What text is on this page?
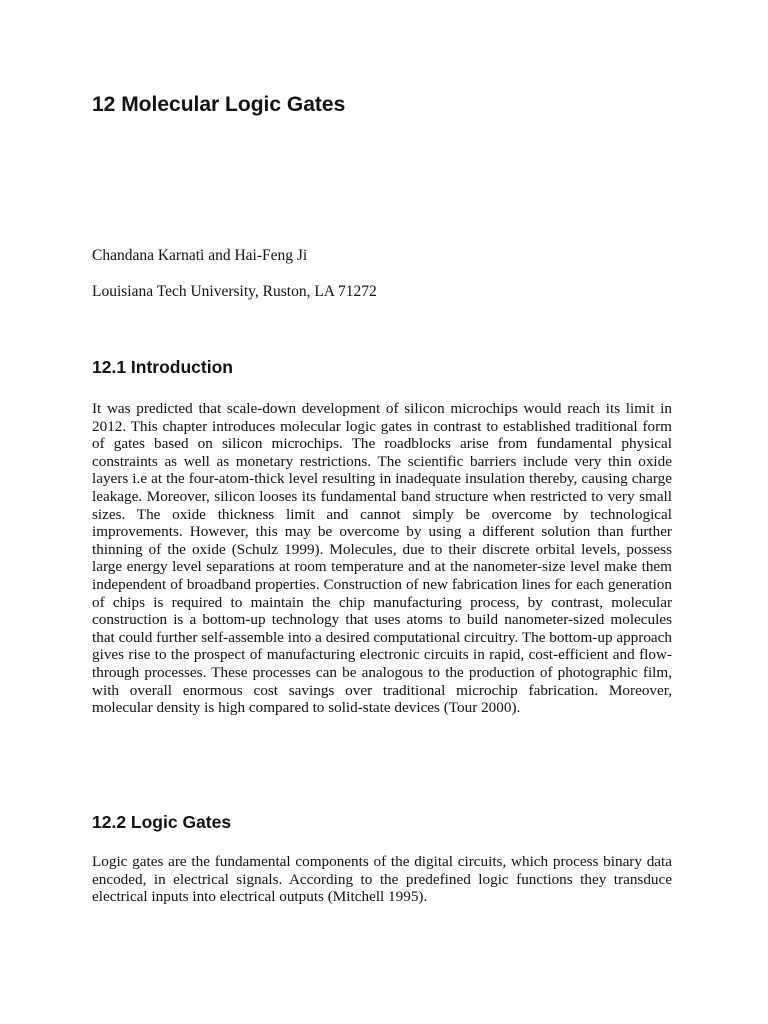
12 Molecular Logic Gates

Chandana Karnati and Hai-Feng Ji

Louisiana Tech University, Ruston, LA 71272

12.1 Introduction

It was predicted that scale-down development of silicon microchips would reach its limit in 2012. This chapter introduces molecular logic gates in contrast to established traditional form of gates based on silicon microchips. The roadblocks arise from fundamental physical constraints as well as monetary restrictions. The scientific barriers include very thin oxide layers i.e at the four-atom-thick level resulting in inadequate insulation thereby, causing charge leakage. Moreover, silicon looses its fundamental band structure when restricted to very small sizes. The oxide thickness limit and cannot simply be overcome by technological improvements. However, this may be overcome by using a different solution than further thinning of the oxide (Schulz 1999). Molecules, due to their discrete orbital levels, possess large energy level separations at room temperature and at the nanometer-size level make them independent of broadband properties. Construction of new fabrication lines for each generation of chips is required to maintain the chip manufacturing process, by contrast, molecular construction is a bottom-up technology that uses atoms to build nanometer-sized molecules that could further self-assemble into a desired computational circuitry. The bottom-up approach gives rise to the prospect of manufacturing electronic circuits in rapid, cost-efficient and flow-through processes. These processes can be analogous to the production of photographic film, with overall enormous cost savings over traditional microchip fabrication. Moreover, molecular density is high compared to solid-state devices (Tour 2000).

12.2 Logic Gates

Logic gates are the fundamental components of the digital circuits, which process binary data encoded, in electrical signals. According to the predefined logic functions they transduce electrical inputs into electrical outputs (Mitchell 1995).
